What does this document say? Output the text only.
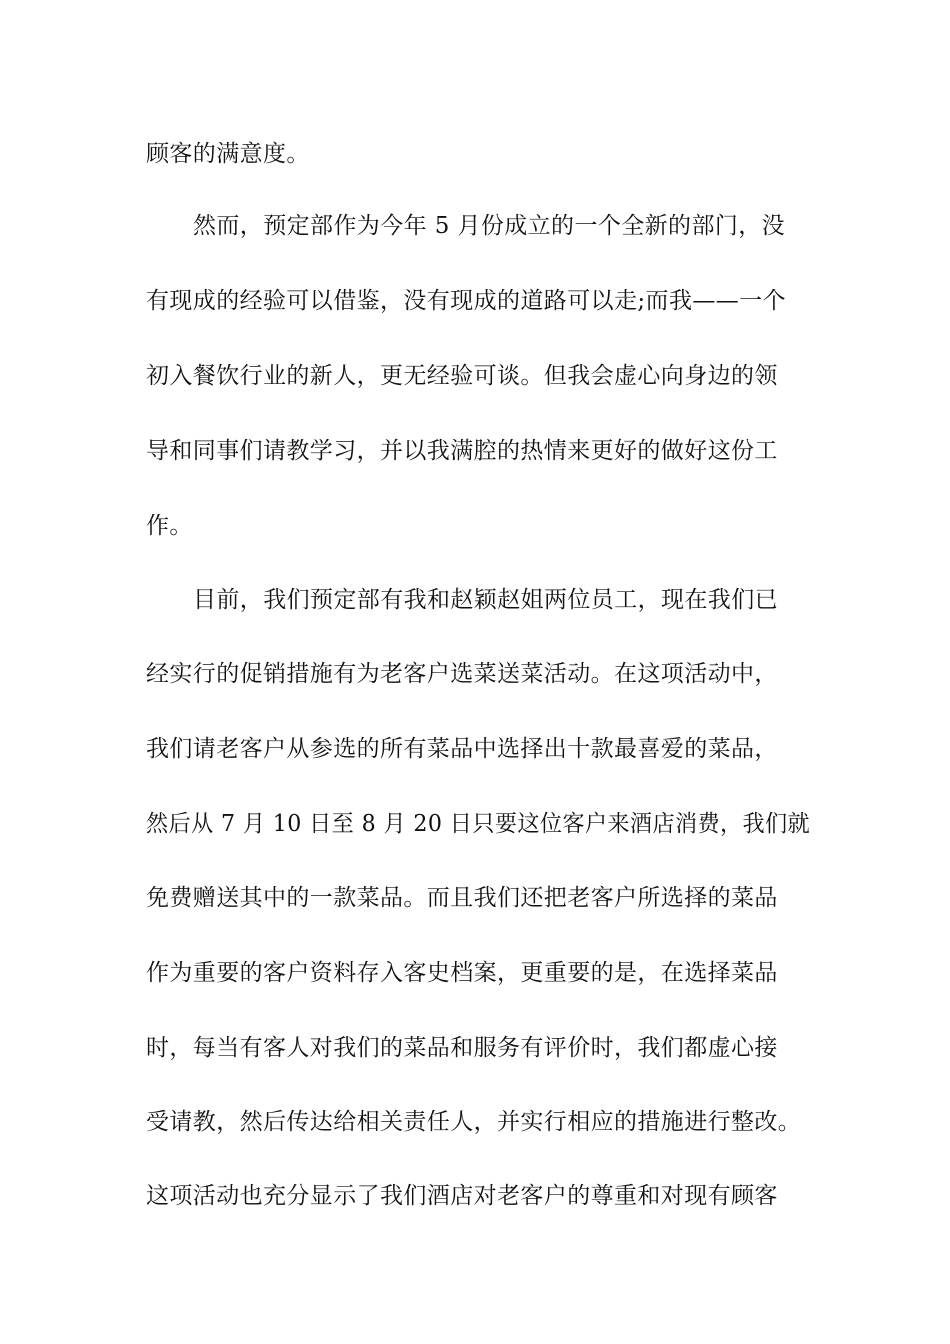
顾客的满意度。

然而，预定部作为今年 5 月份成立的一个全新的部门，没

有现成的经验可以借鉴，没有现成的道路可以走;而我——一个

初入餐饮行业的新人，更无经验可谈。但我会虚心向身边的领

导和同事们请教学习，并以我满腔的热情来更好的做好这份工

作。

目前，我们预定部有我和赵颖赵姐两位员工，现在我们已

经实行的促销措施有为老客户选菜送菜活动。在这项活动中，

我们请老客户从参选的所有菜品中选择出十款最喜爱的菜品，

然后从 7 月 10 日至 8 月 20 日只要这位客户来酒店消费，我们就

免费赠送其中的一款菜品。而且我们还把老客户所选择的菜品

作为重要的客户资料存入客史档案，更重要的是，在选择菜品

时，每当有客人对我们的菜品和服务有评价时，我们都虚心接

受请教，然后传达给相关责任人，并实行相应的措施进行整改。

这项活动也充分显示了我们酒店对老客户的尊重和对现有顾客
